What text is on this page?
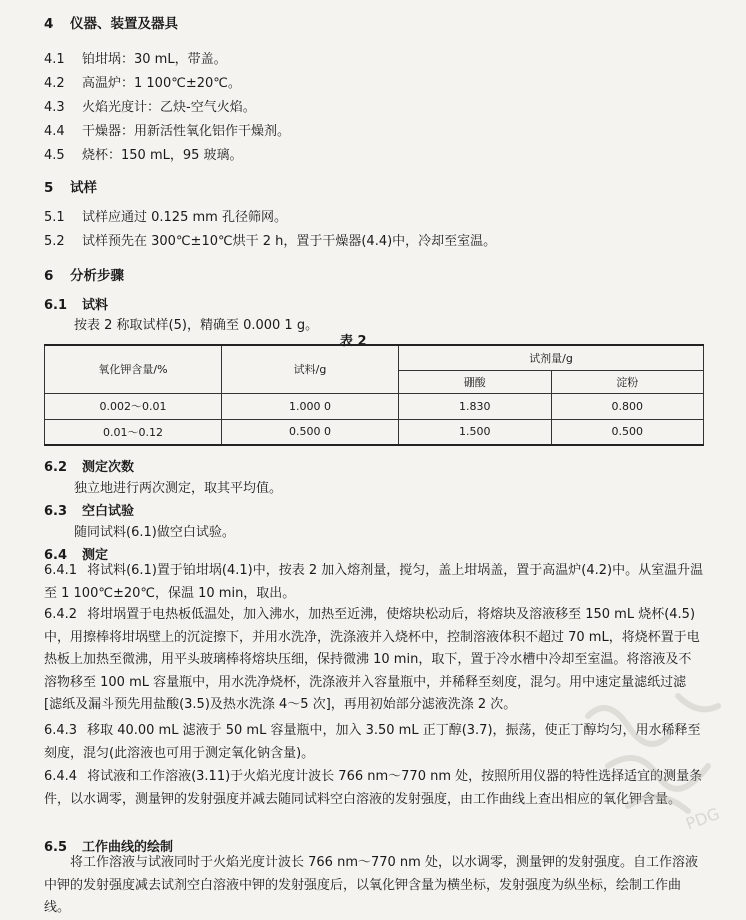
4 仪器、装置及器具
4.1 铂坩埚：30 mL，带盖。
4.2 高温炉：1 100℃±20℃。
4.3 火焰光度计：乙炔-空气火焰。
4.4 干燥器：用新活性氧化铝作干燥剂。
4.5 烧杯：150 mL，95 玻璃。
5 试样
5.1 试样应通过 0.125 mm 孔径筛网。
5.2 试样预先在 300℃±10℃烘干 2 h，置于干燥器(4.4)中，冷却至室温。
6 分析步骤
6.1 试料
按表 2 称取试样(5)，精确至 0.000 1 g。
表 2
氧化钾含量/%	试料/g	试剂量/g	
		硼酸	淀粉
0.002～0.01	1.000 0	1.830	0.800
0.01～0.12	0.500 0	1.500	0.500
6.2 测定次数
独立地进行两次测定，取其平均值。
6.3 空白试验
随同试料(6.1)做空白试验。
6.4 测定
6.4.1 将试料(6.1)置于铂坩埚(4.1)中，按表 2 加入熔剂量，搅匀，盖上坩埚盖，置于高温炉(4.2)中。从室温升温至 1 100℃±20℃，保温 10 min，取出。
6.4.2 将坩埚置于电热板低温处，加入沸水，加热至近沸，使熔块松动后，将熔块及溶液移至 150 mL 烧杯(4.5)中，用擦棒将坩埚壁上的沉淀擦下，并用水洗净，洗涤液并入烧杯中，控制溶液体积不超过 70 mL，将烧杯置于电热板上加热至微沸，用平头玻璃棒将熔块压细，保持微沸 10 min，取下，置于冷水槽中冷却至室温。将溶液及不溶物移至 100 mL 容量瓶中，用水洗净烧杯，洗涤液并入容量瓶中，并稀释至刻度，混匀。用中速定量滤纸过滤[滤纸及漏斗预先用盐酸(3.5)及热水洗涤 4～5 次]，再用初始部分滤液洗涤 2 次。
6.4.3 移取 40.00 mL 滤液于 50 mL 容量瓶中，加入 3.50 mL 正丁醇(3.7)，振荡，使正丁醇均匀，用水稀释至刻度，混匀(此溶液也可用于测定氧化钠含量)。
6.4.4 将试液和工作溶液(3.11)于火焰光度计波长 766 nm～770 nm 处，按照所用仪器的特性选择适宜的测量条件，以水调零，测量钾的发射强度并减去随同试料空白溶液的发射强度，由工作曲线上查出相应的氧化钾含量。
6.5 工作曲线的绘制
将工作溶液与试液同时于火焰光度计波长 766 nm～770 nm 处，以水调零，测量钾的发射强度。自工作溶液中钾的发射强度减去试剂空白溶液中钾的发射强度后，以氧化钾含量为横坐标，发射强度为纵坐标，绘制工作曲线。
PDG
